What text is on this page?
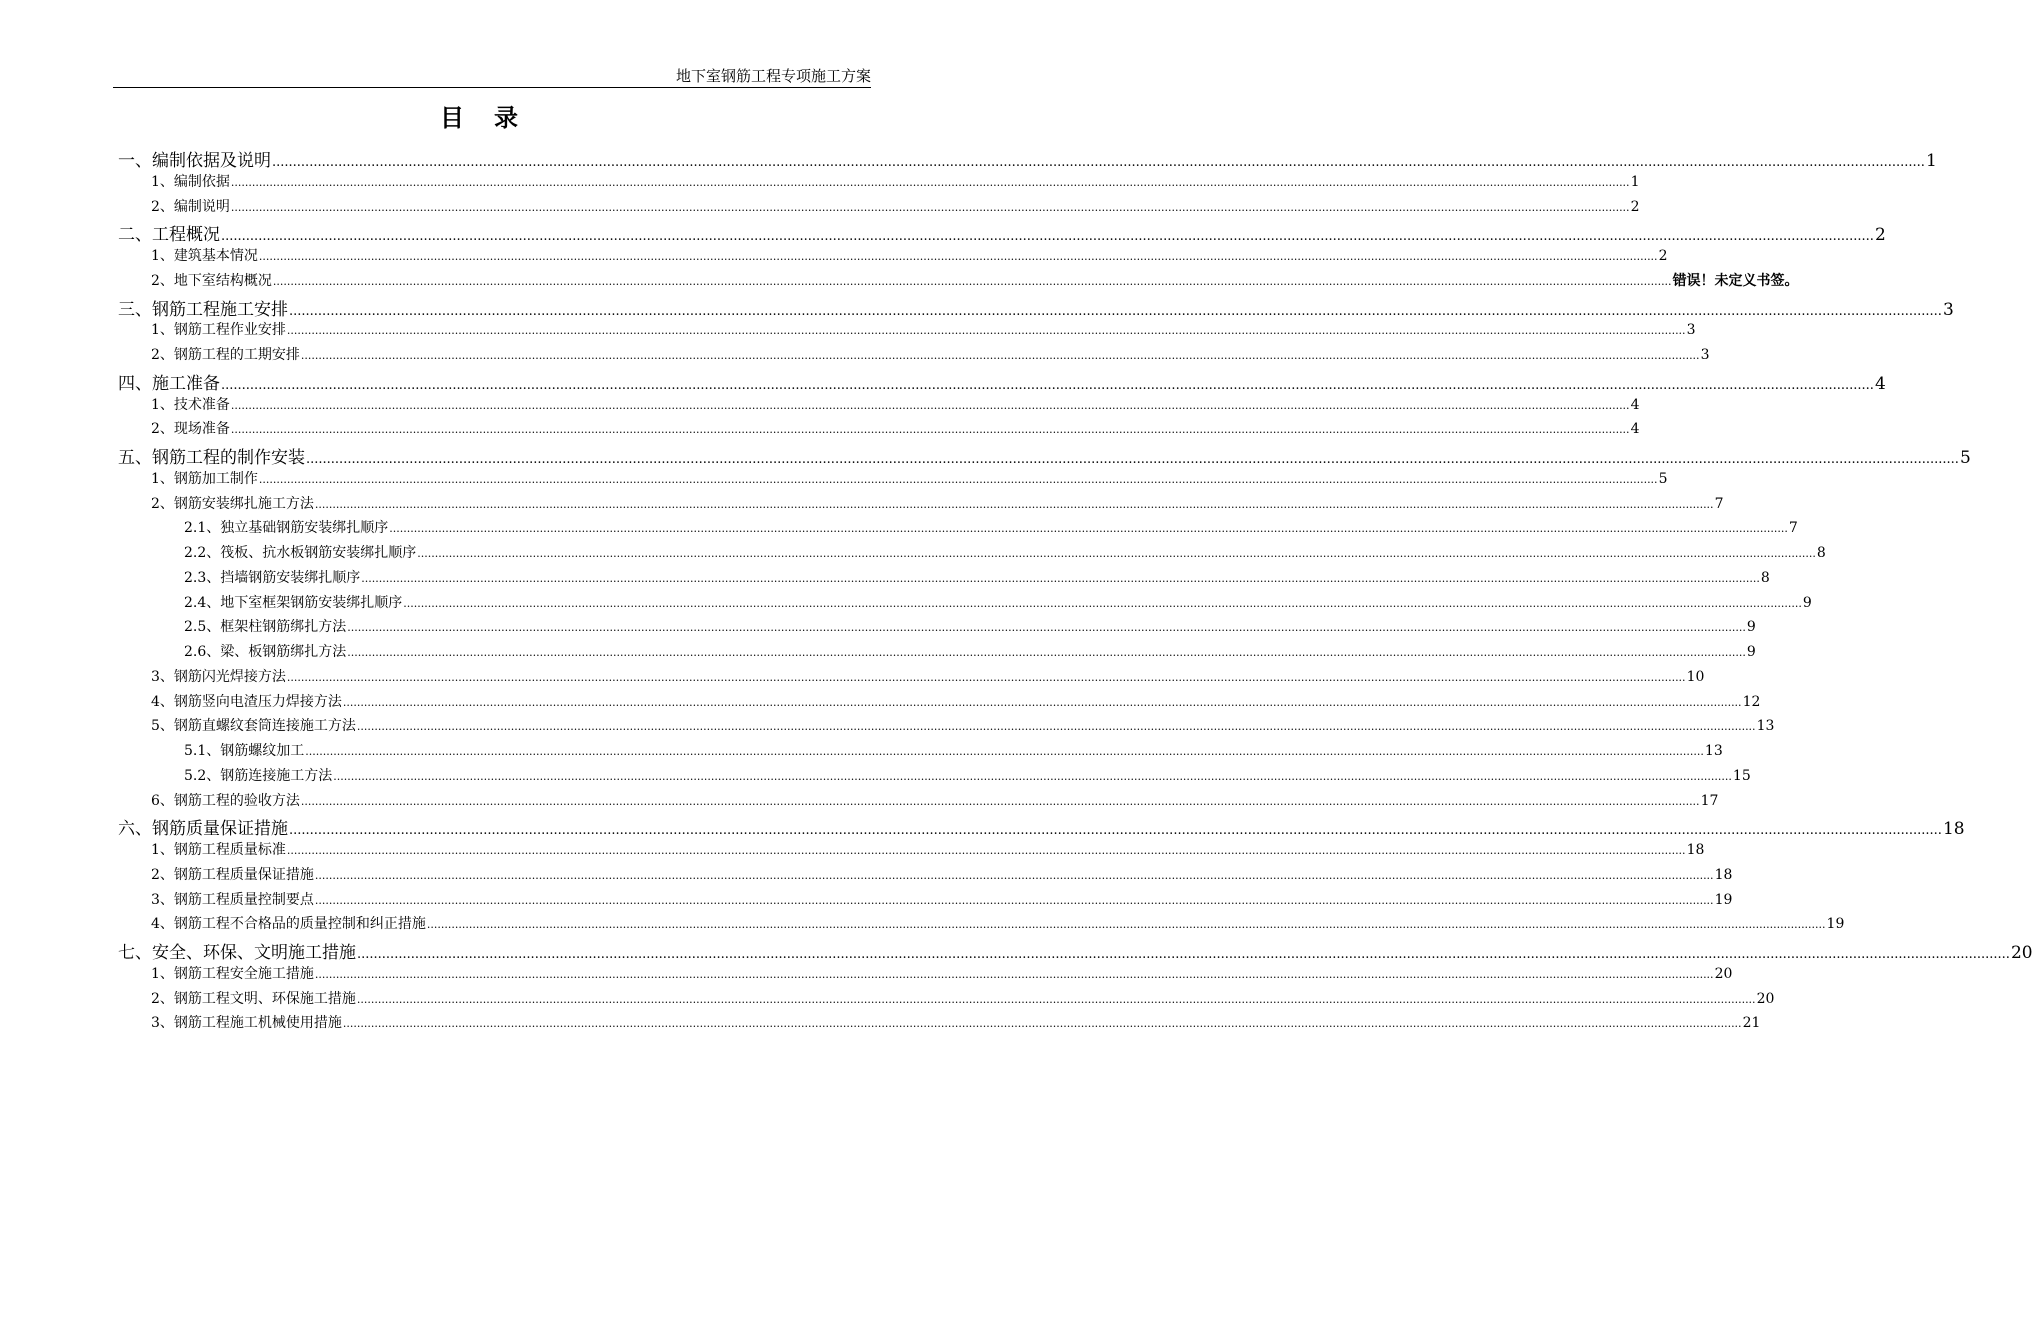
地下室钢筋工程专项施工方案
目录
一、编制依据及说明 ................................................................................................................................................................................................................................................................................................................................................................................................................ 1
1、编制依据 ................................................................................................................................................................................................................................................................................................................................................................................................................ 1
2、编制说明 ................................................................................................................................................................................................................................................................................................................................................................................................................ 2
二、工程概况 ................................................................................................................................................................................................................................................................................................................................................................................................................ 2
1、建筑基本情况 ................................................................................................................................................................................................................................................................................................................................................................................................................ 2
2、地下室结构概况 ................................................................................................................................................................................................................................................................................................................................................................................................................ 错误！未定义书签。
三、钢筋工程施工安排 ................................................................................................................................................................................................................................................................................................................................................................................................................ 3
1、钢筋工程作业安排 ................................................................................................................................................................................................................................................................................................................................................................................................................ 3
2、钢筋工程的工期安排 ................................................................................................................................................................................................................................................................................................................................................................................................................ 3
四、施工准备 ................................................................................................................................................................................................................................................................................................................................................................................................................ 4
1、技术准备 ................................................................................................................................................................................................................................................................................................................................................................................................................ 4
2、现场准备 ................................................................................................................................................................................................................................................................................................................................................................................................................ 4
五、钢筋工程的制作安装 ................................................................................................................................................................................................................................................................................................................................................................................................................ 5
1、钢筋加工制作 ................................................................................................................................................................................................................................................................................................................................................................................................................ 5
2、钢筋安装绑扎施工方法 ................................................................................................................................................................................................................................................................................................................................................................................................................ 7
2.1、独立基础钢筋安装绑扎顺序 ................................................................................................................................................................................................................................................................................................................................................................................................................ 7
2.2、筏板、抗水板钢筋安装绑扎顺序 ................................................................................................................................................................................................................................................................................................................................................................................................................ 8
2.3、挡墙钢筋安装绑扎顺序 ................................................................................................................................................................................................................................................................................................................................................................................................................ 8
2.4、地下室框架钢筋安装绑扎顺序 ................................................................................................................................................................................................................................................................................................................................................................................................................ 9
2.5、框架柱钢筋绑扎方法 ................................................................................................................................................................................................................................................................................................................................................................................................................ 9
2.6、梁、板钢筋绑扎方法 ................................................................................................................................................................................................................................................................................................................................................................................................................ 9
3、钢筋闪光焊接方法 ................................................................................................................................................................................................................................................................................................................................................................................................................ 10
4、钢筋竖向电渣压力焊接方法 ................................................................................................................................................................................................................................................................................................................................................................................................................ 12
5、钢筋直螺纹套筒连接施工方法 ................................................................................................................................................................................................................................................................................................................................................................................................................ 13
5.1、钢筋螺纹加工 ................................................................................................................................................................................................................................................................................................................................................................................................................ 13
5.2、钢筋连接施工方法 ................................................................................................................................................................................................................................................................................................................................................................................................................ 15
6、钢筋工程的验收方法 ................................................................................................................................................................................................................................................................................................................................................................................................................ 17
六、钢筋质量保证措施 ................................................................................................................................................................................................................................................................................................................................................................................................................ 18
1、钢筋工程质量标准 ................................................................................................................................................................................................................................................................................................................................................................................................................ 18
2、钢筋工程质量保证措施 ................................................................................................................................................................................................................................................................................................................................................................................................................ 18
3、钢筋工程质量控制要点 ................................................................................................................................................................................................................................................................................................................................................................................................................ 19
4、钢筋工程不合格品的质量控制和纠正措施 ................................................................................................................................................................................................................................................................................................................................................................................................................ 19
七、安全、环保、文明施工措施 ................................................................................................................................................................................................................................................................................................................................................................................................................ 20
1、钢筋工程安全施工措施 ................................................................................................................................................................................................................................................................................................................................................................................................................ 20
2、钢筋工程文明、环保施工措施 ................................................................................................................................................................................................................................................................................................................................................................................................................ 20
3、钢筋工程施工机械使用措施 ................................................................................................................................................................................................................................................................................................................................................................................................................ 21
